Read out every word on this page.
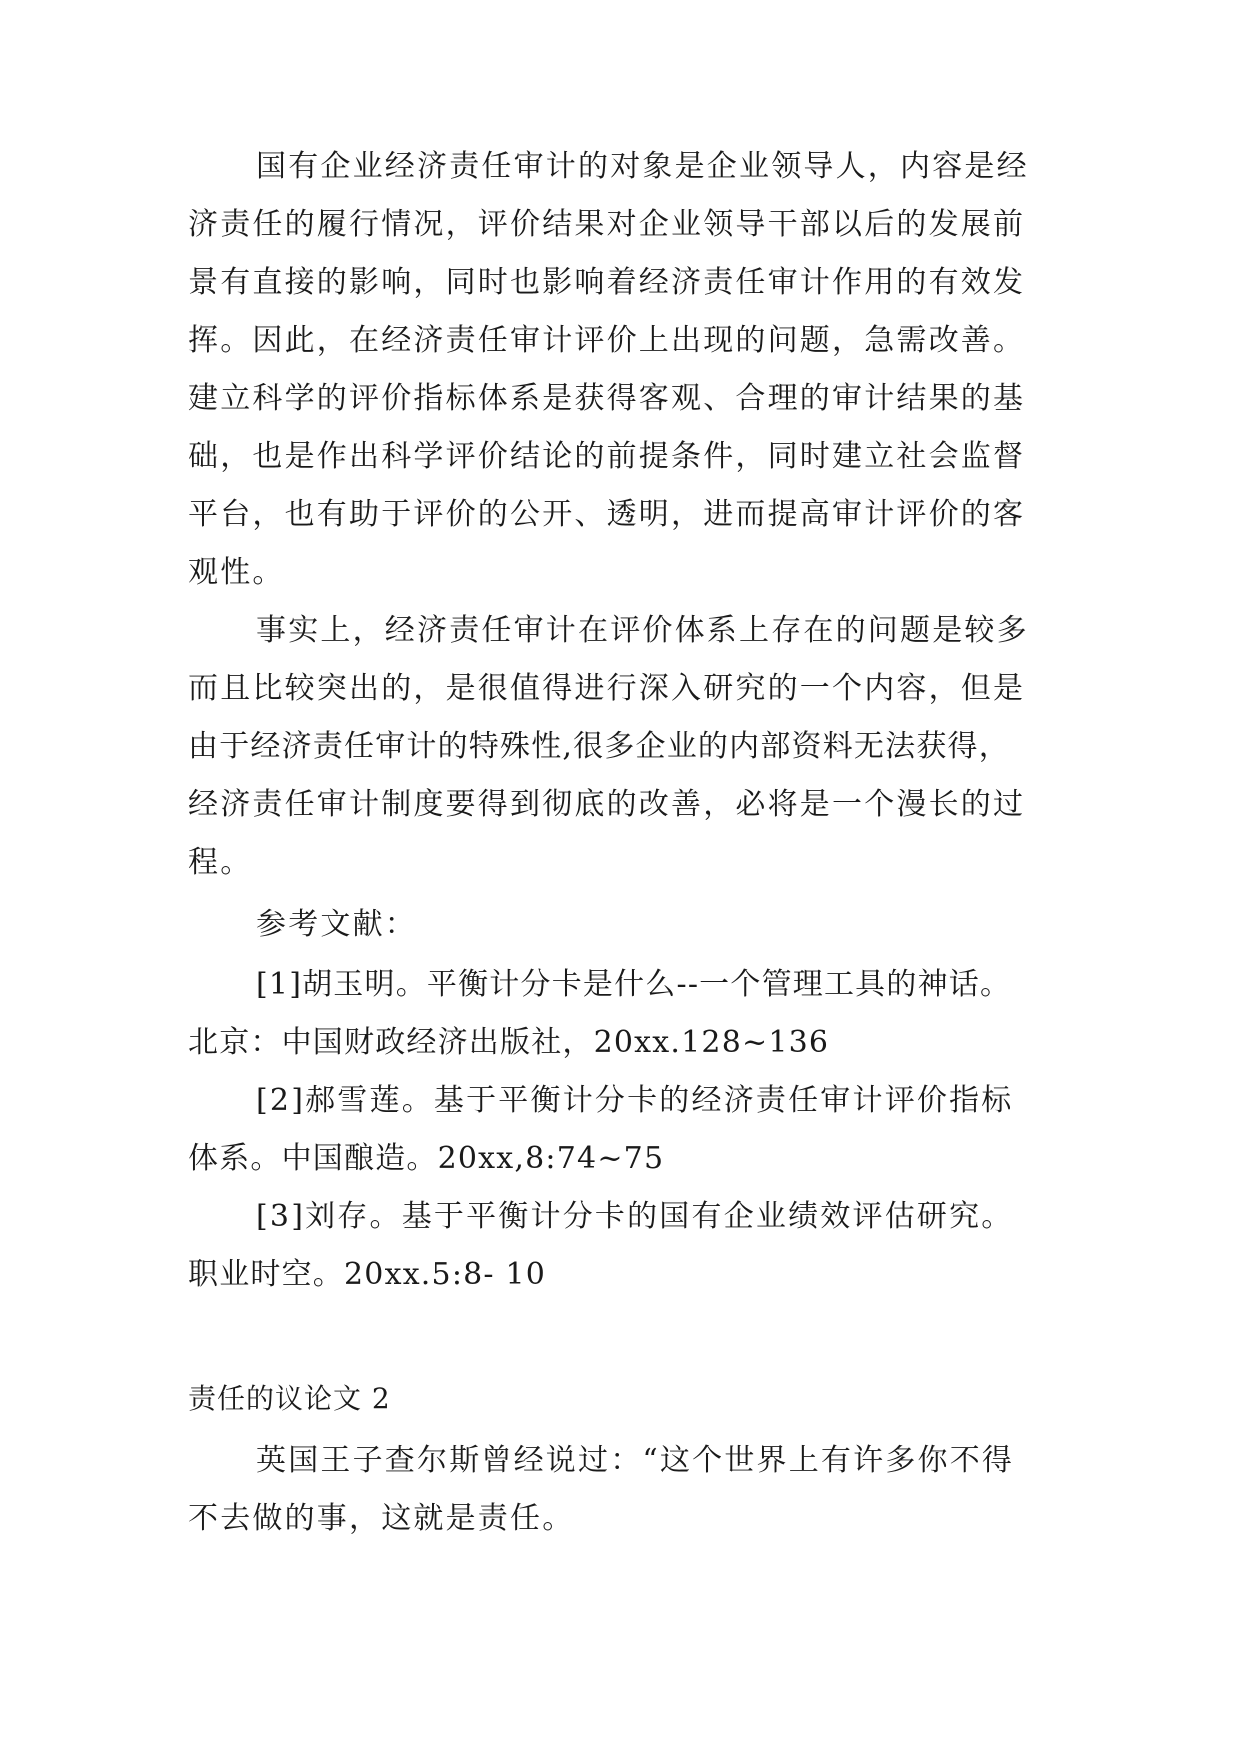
国有企业经济责任审计的对象是企业领导人，内容是经

济责任的履行情况，评价结果对企业领导干部以后的发展前

景有直接的影响，同时也影响着经济责任审计作用的有效发

挥。因此，在经济责任审计评价上出现的问题，急需改善。

建立科学的评价指标体系是获得客观、合理的审计结果的基

础，也是作出科学评价结论的前提条件，同时建立社会监督

平台，也有助于评价的公开、透明，进而提高审计评价的客

观性。

事实上，经济责任审计在评价体系上存在的问题是较多

而且比较突出的，是很值得进行深入研究的一个内容，但是

由于经济责任审计的特殊性,很多企业的内部资料无法获得，

经济责任审计制度要得到彻底的改善，必将是一个漫长的过

程。

参考文献：

[1]胡玉明。平衡计分卡是什么--一个管理工具的神话。

北京：中国财政经济出版社，20xx.128~136

[2]郝雪莲。基于平衡计分卡的经济责任审计评价指标

体系。中国酿造。20xx,8:74~75

[3]刘存。基于平衡计分卡的国有企业绩效评估研究。

职业时空。20xx.5:8- 10

责任的议论文 2

英国王子查尔斯曾经说过：“这个世界上有许多你不得

不去做的事，这就是责任。
